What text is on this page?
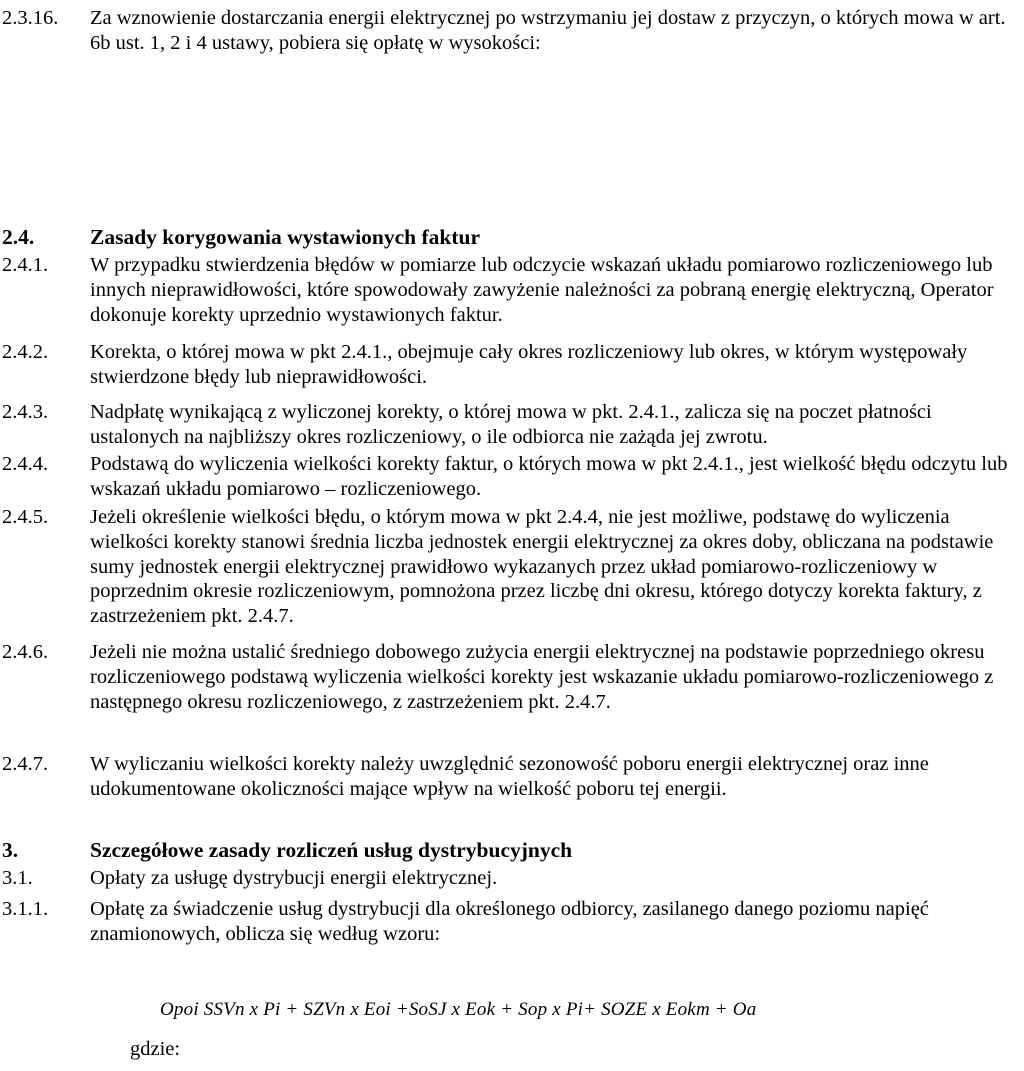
2.3.16.	Za wznowienie dostarczania energii elektrycznej po wstrzymaniu jej dostaw z przyczyn, o których mowa w art. 6b ust. 1, 2 i 4 ustawy, pobiera się opłatę w wysokości:
2.4.	Zasady korygowania wystawionych faktur
2.4.1.	W przypadku stwierdzenia błędów w pomiarze lub odczycie wskazań układu pomiarowo rozliczeniowego lub innych nieprawidłowości, które spowodowały zawyżenie należności za pobraną energię elektryczną, Operator dokonuje korekty uprzednio wystawionych faktur.
2.4.2.	Korekta, o której mowa w pkt 2.4.1., obejmuje cały okres rozliczeniowy lub okres, w którym występowały stwierdzone błędy lub nieprawidłowości.
2.4.3.	Nadpłatę wynikającą z wyliczonej korekty, o której mowa w pkt. 2.4.1., zalicza się na poczet płatności ustalonych na najbliższy okres rozliczeniowy, o ile odbiorca nie zażąda jej zwrotu.
2.4.4.	Podstawą do wyliczenia wielkości korekty faktur, o których mowa w pkt 2.4.1., jest wielkość błędu odczytu lub wskazań układu pomiarowo – rozliczeniowego.
2.4.5.	Jeżeli określenie wielkości błędu, o którym mowa w pkt 2.4.4, nie jest możliwe, podstawę do wyliczenia wielkości korekty stanowi średnia liczba jednostek energii elektrycznej za okres doby, obliczana na podstawie sumy jednostek energii elektrycznej prawidłowo wykazanych przez układ pomiarowo-rozliczeniowy w poprzednim okresie rozliczeniowym, pomnożona przez liczbę dni okresu, którego dotyczy korekta faktury, z zastrzeżeniem pkt. 2.4.7.
2.4.6.	Jeżeli nie można ustalić średniego dobowego zużycia energii elektrycznej na podstawie poprzedniego okresu rozliczeniowego podstawą wyliczenia wielkości korekty jest wskazanie układu pomiarowo-rozliczeniowego z następnego okresu rozliczeniowego, z zastrzeżeniem pkt. 2.4.7.
2.4.7.	W wyliczaniu wielkości korekty należy uwzględnić sezonowość poboru energii elektrycznej oraz inne udokumentowane okoliczności mające wpływ na wielkość poboru tej energii.
3.	Szczegółowe zasady rozliczeń usług dystrybucyjnych
3.1.	Opłaty za usługę dystrybucji energii elektrycznej.
3.1.1.	Opłatę za świadczenie usług dystrybucji dla określonego odbiorcy, zasilanego danego poziomu napięć znamionowych, oblicza się według wzoru:
Opoi SSVn x Pi + SZVn x Eoi +SoSJ x Eok + Sop x Pi+ SOZE x Eokm + Oa
gdzie:
